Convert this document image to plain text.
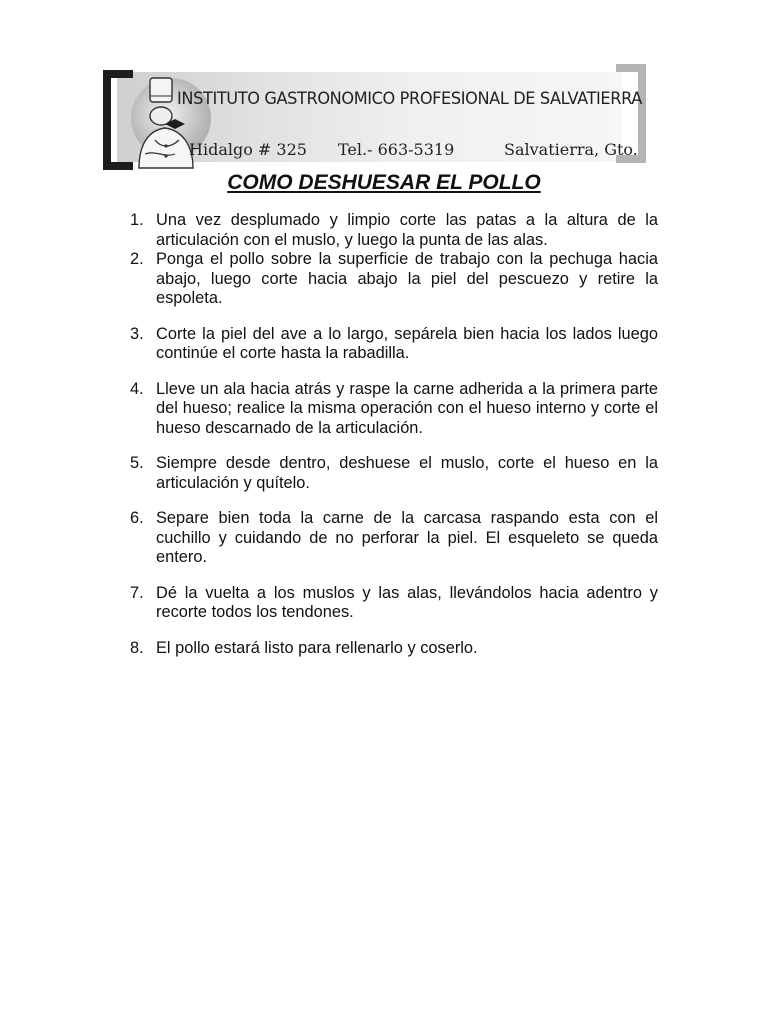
INSTITUTO GASTRONOMICO PROFESIONAL DE SALVATIERRA
Hidalgo # 325 Tel.- 663-5319	Salvatierra, Gto.
COMO DESHUESAR EL POLLO
1. Una vez desplumado y limpio corte las patas a la altura de la articulación con el muslo, y luego la punta de las alas.
2. Ponga el pollo sobre la superficie de trabajo con la pechuga hacia abajo, luego corte hacia abajo la piel del pescuezo y retire la espoleta.
3. Corte la piel del ave a lo largo, sepárela bien hacia los lados luego continúe el corte hasta la rabadilla.
4. Lleve un ala hacia atrás y raspe la carne adherida a la primera parte del hueso; realice la misma operación con el hueso interno y corte el hueso descarnado de la articulación.
5. Siempre desde dentro, deshuese el muslo, corte el hueso en la articulación y quítelo.
6. Separe bien toda la carne de la carcasa raspando esta con el cuchillo y cuidando de no perforar la piel. El esqueleto se queda entero.
7. Dé la vuelta a los muslos y las alas, llevándolos hacia adentro y recorte todos los tendones.
8. El pollo estará listo para rellenarlo y coserlo.
